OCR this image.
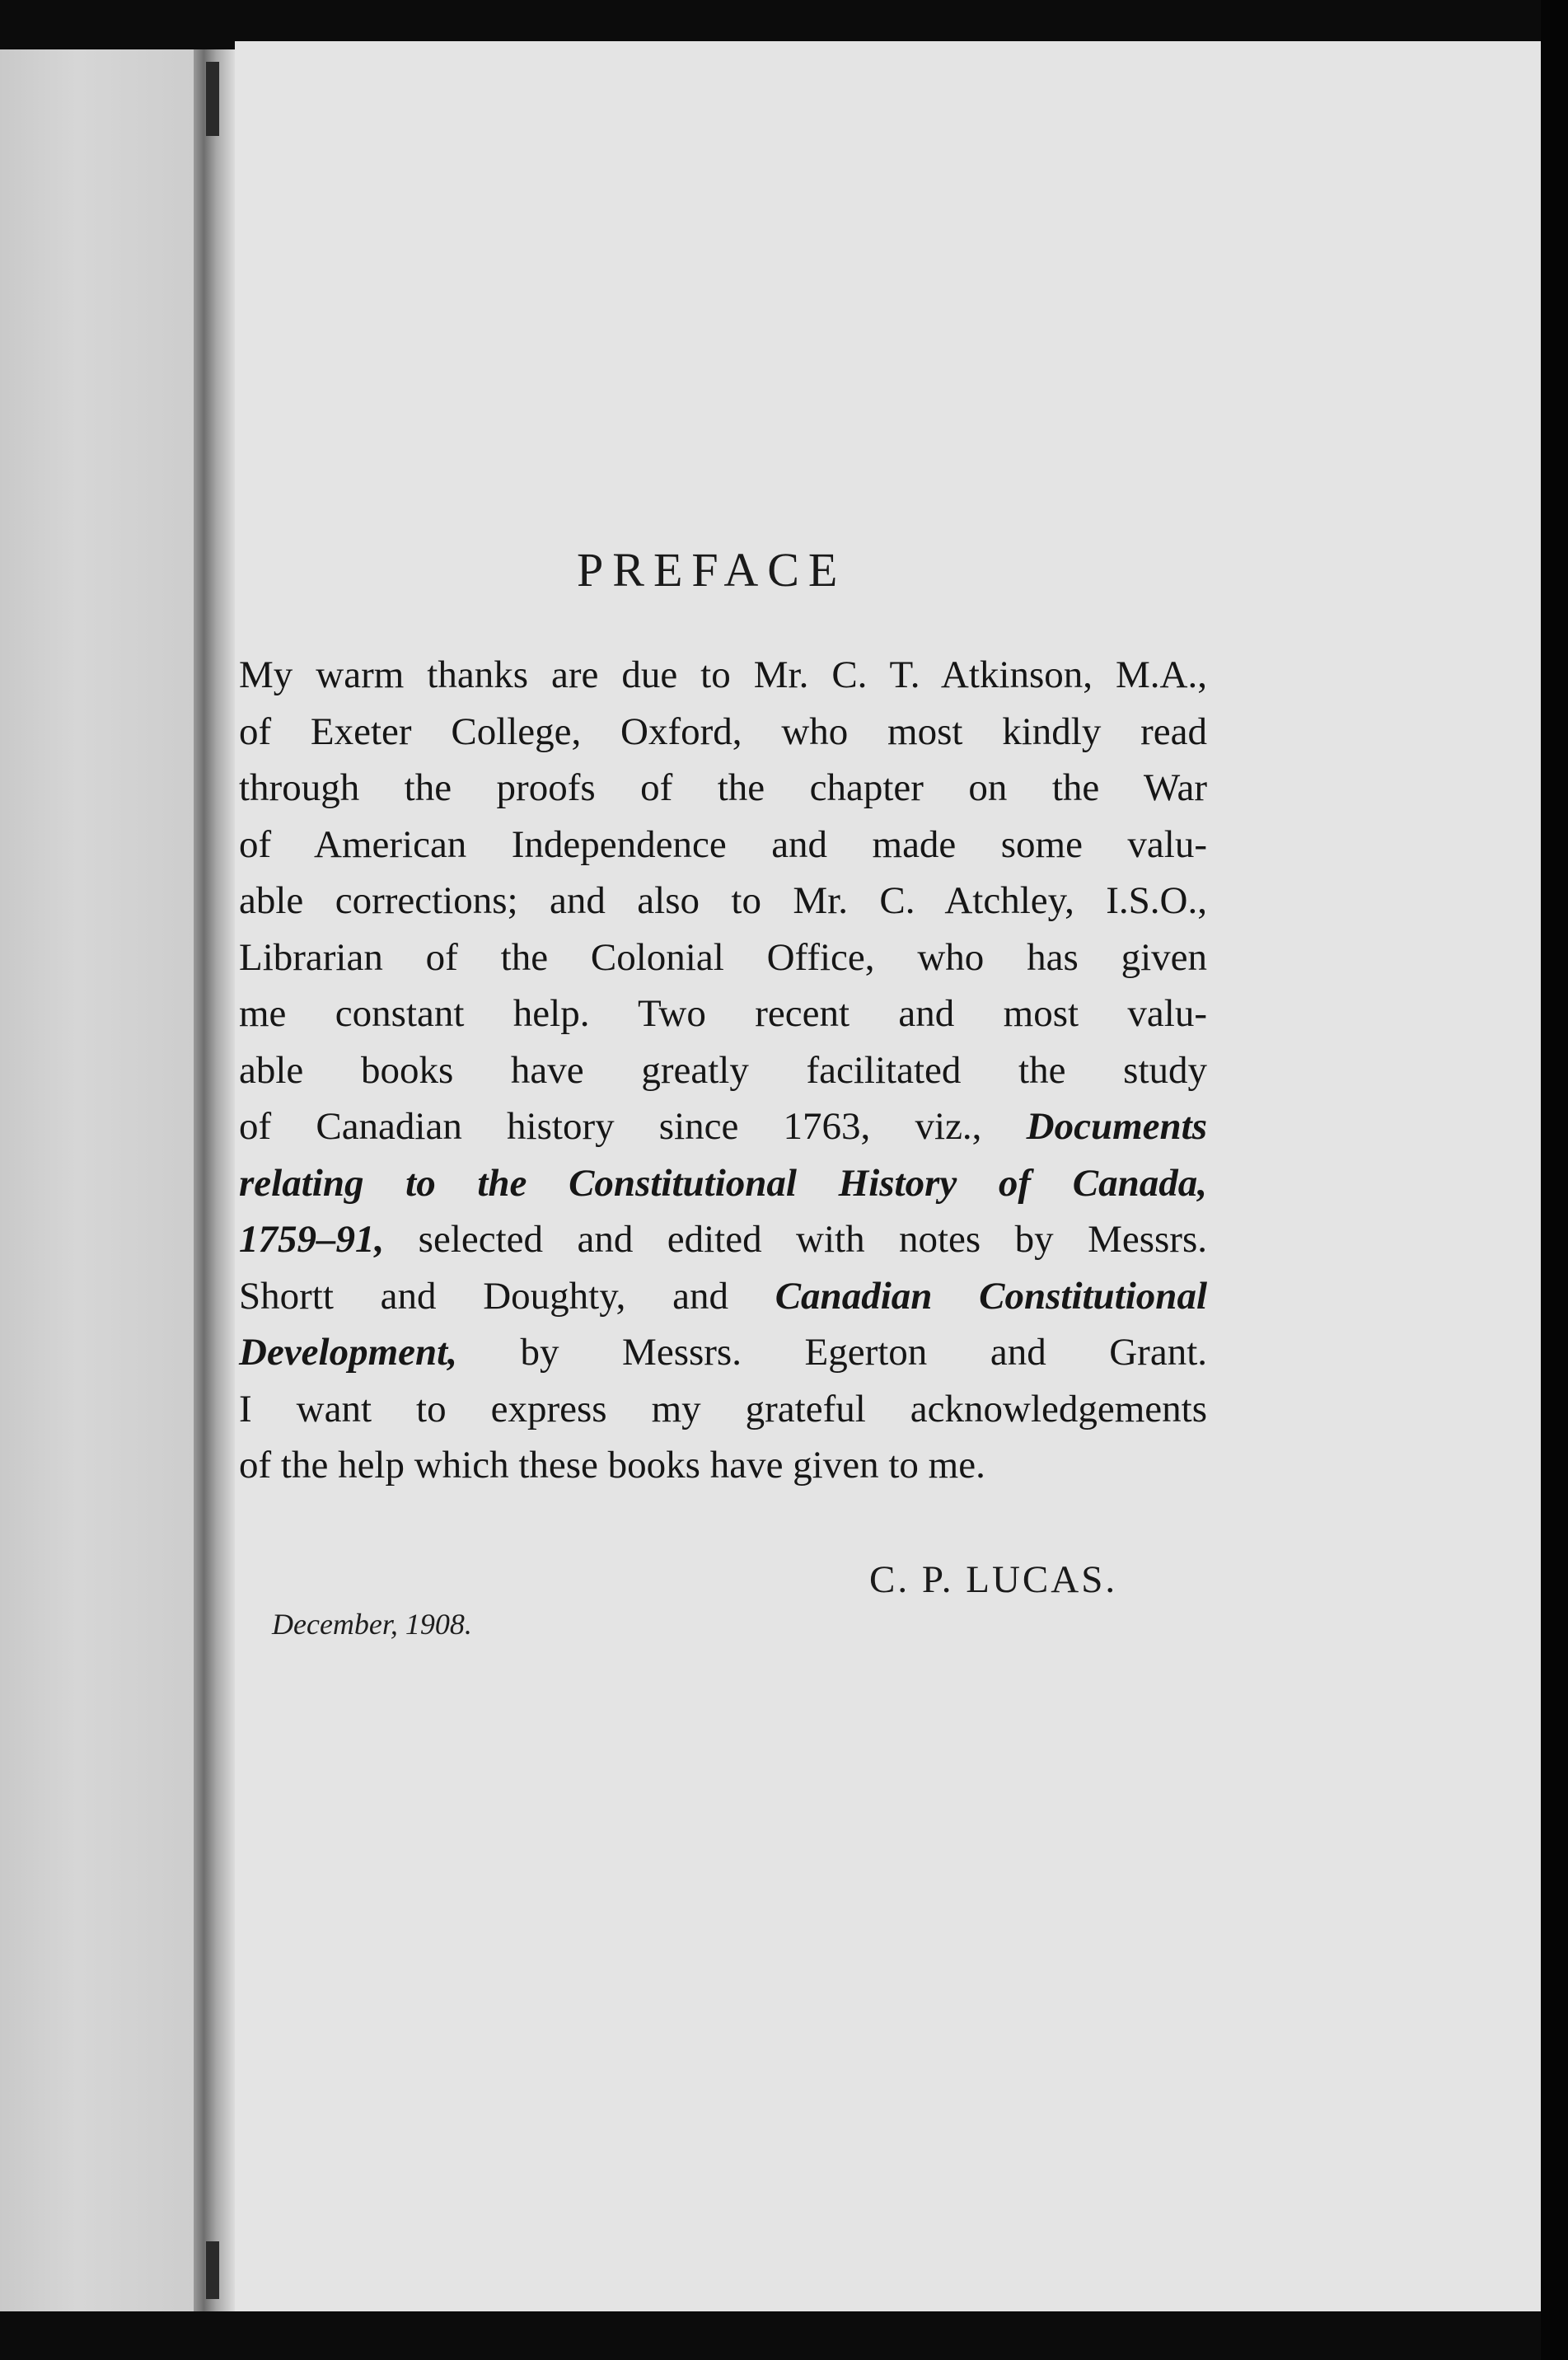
PREFACE
My warm thanks are due to Mr. C. T. Atkinson, M.A.,
of Exeter College, Oxford, who most kindly read
through the proofs of the chapter on the War
of American Independence and made some valu-
able corrections; and also to Mr. C. Atchley, I.S.O.,
Librarian of the Colonial Office, who has given
me constant help. Two recent and most valu-
able books have greatly facilitated the study
of Canadian history since 1763, viz., Documents
relating to the Constitutional History of Canada,
1759–91, selected and edited with notes by Messrs.
Shortt and Doughty, and Canadian Constitutional
Development, by Messrs. Egerton and Grant.
I want to express my grateful acknowledgements
of the help which these books have given to me.
C. P. LUCAS.
December, 1908.
